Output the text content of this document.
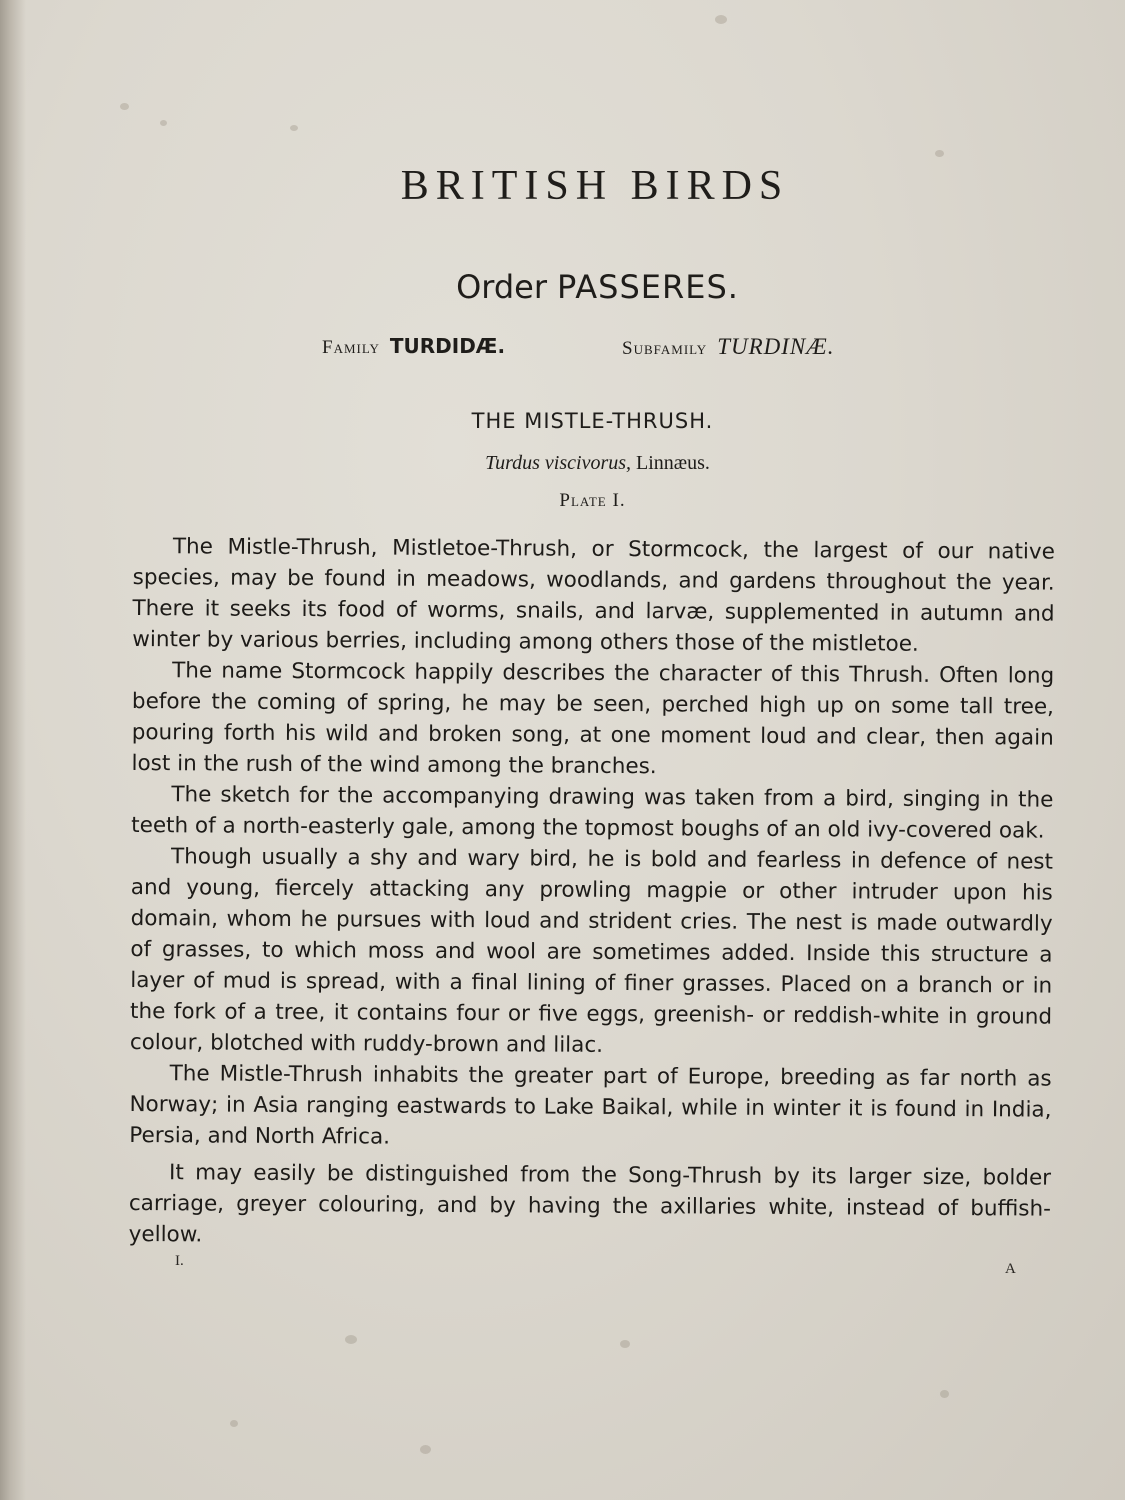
BRITISH BIRDS
Order PASSERES.
Family TURDIDÆ.	Subfamily TURDINÆ.
THE MISTLE-THRUSH.
Turdus viscivorus, Linnæus.
Plate I.

The Mistle-Thrush, Mistletoe-Thrush, or Stormcock, the largest of our native species, may be found in meadows, woodlands, and gardens throughout the year. There it seeks its food of worms, snails, and larvæ, supplemented in autumn and winter by various berries, including among others those of the mistletoe.

The name Stormcock happily describes the character of this Thrush. Often long before the coming of spring, he may be seen, perched high up on some tall tree, pouring forth his wild and broken song, at one moment loud and clear, then again lost in the rush of the wind among the branches.

The sketch for the accompanying drawing was taken from a bird, singing in the teeth of a north-easterly gale, among the topmost boughs of an old ivy-covered oak.

Though usually a shy and wary bird, he is bold and fearless in defence of nest and young, fiercely attacking any prowling magpie or other intruder upon his domain, whom he pursues with loud and strident cries. The nest is made outwardly of grasses, to which moss and wool are sometimes added. Inside this structure a layer of mud is spread, with a final lining of finer grasses. Placed on a branch or in the fork of a tree, it contains four or five eggs, greenish- or reddish-white in ground colour, blotched with ruddy-brown and lilac.

The Mistle-Thrush inhabits the greater part of Europe, breeding as far north as Norway; in Asia ranging eastwards to Lake Baikal, while in winter it is found in India, Persia, and North Africa.

It may easily be distinguished from the Song-Thrush by its larger size, bolder carriage, greyer colouring, and by having the axillaries white, instead of buffish-yellow.

I.	A
